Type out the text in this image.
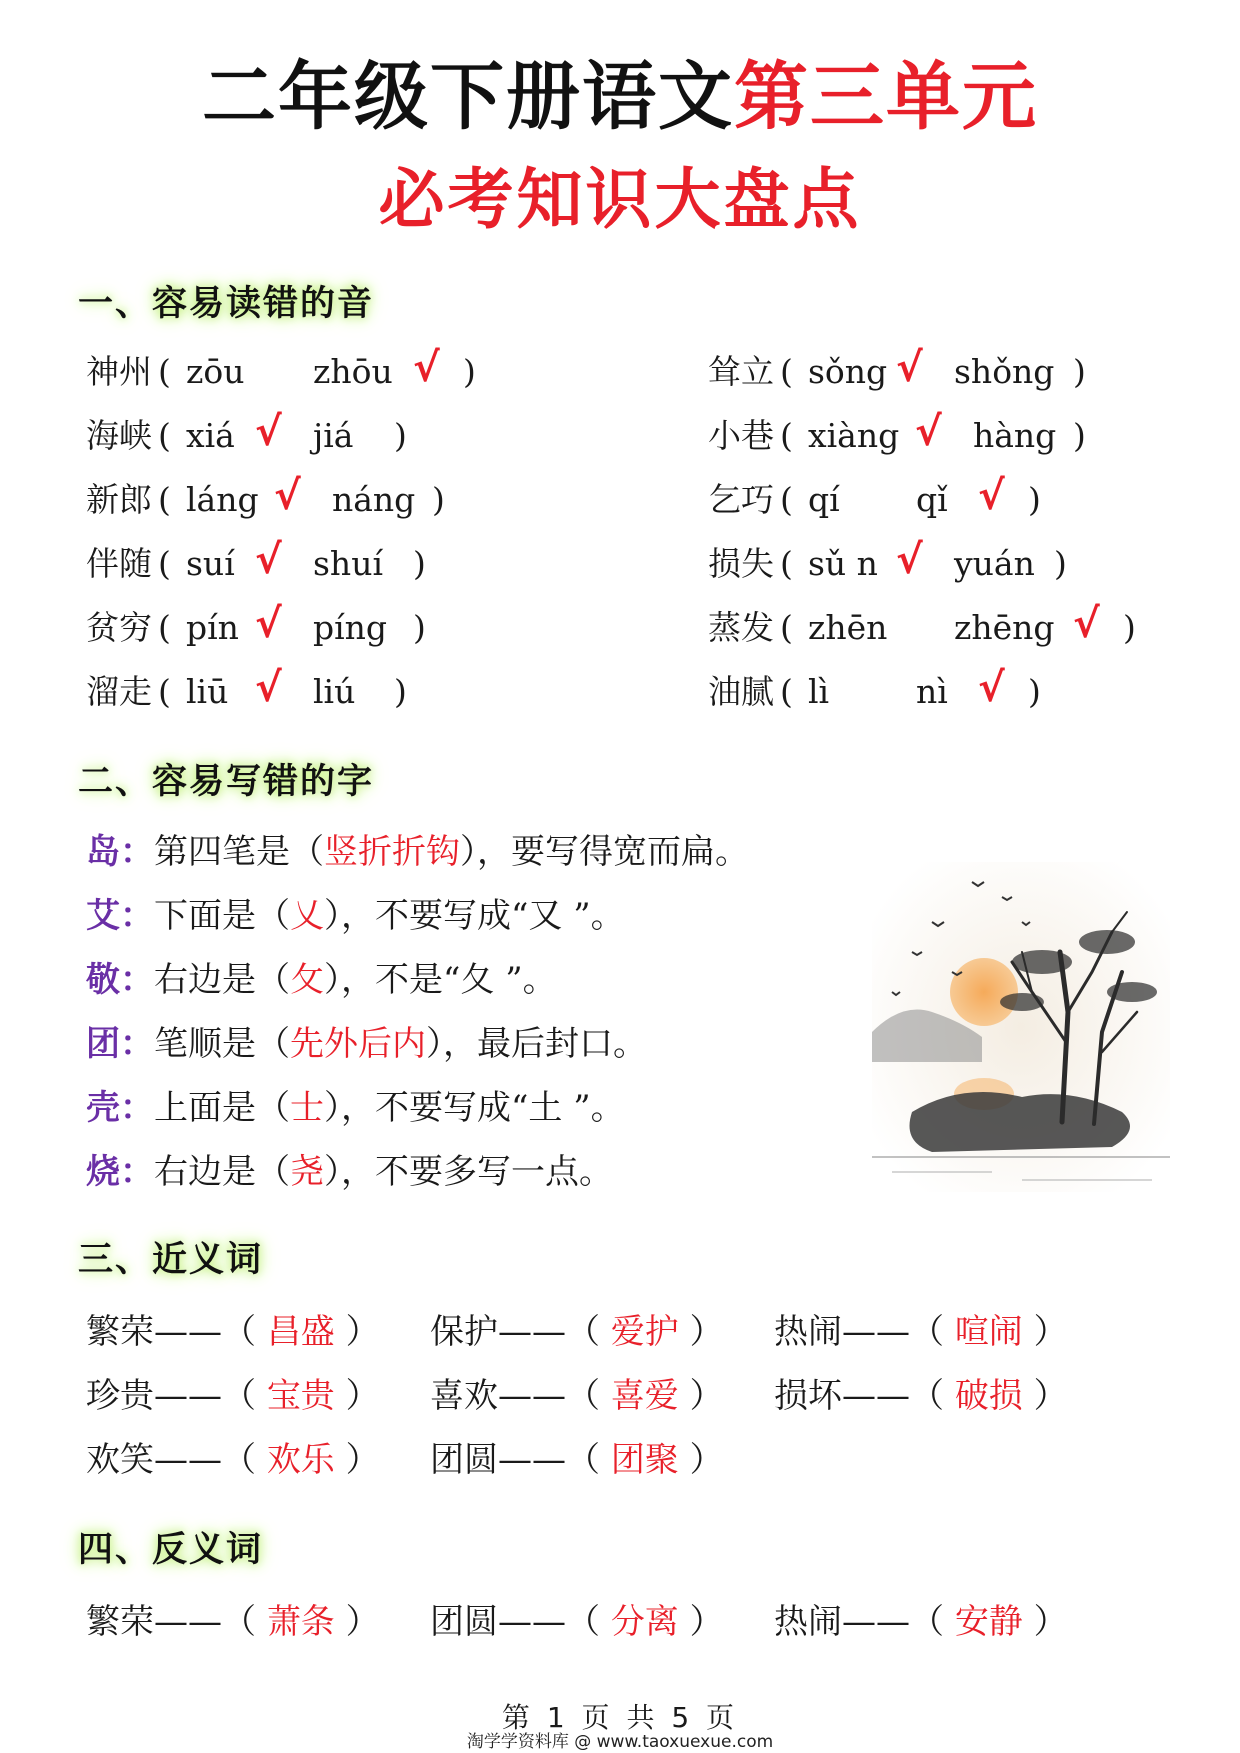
二年级下册语文第三单元
必考知识大盘点
一、容易读错的音
神州 ( zōu zhōu √ )
海峡 ( xiá √ jiá )
新郎 ( láng √ náng )
伴随 ( suí √ shuí )
贫穷 ( pín √ píng )
溜走 ( liū √ liú )
耸立 ( sǒng √ shǒng )
小巷 ( xiàng √ hàng )
乞巧 ( qí qǐ √ )
损失 ( sǔ n √ yuán )
蒸发 ( zhēn zhēng √ )
油腻 ( lì	nì √ )
二、容易写错的字
岛：第四笔是（竖折折钩），要写得宽而扁。
艾：下面是（乂），不要写成“又 ”。
敬：右边是（攵），不是“夂 ”。
团：笔顺是（先外后内），最后封口。
壳：上面是（士），不要写成“土 ”。
烧：右边是（尧），不要多写一点。
三、近义词
繁荣——（ 昌盛 ） 保护——（ 爱护 ） 热闹——（ 喧闹 ）
珍贵——（ 宝贵 ） 喜欢——（ 喜爱 ） 损坏——（ 破损 ）
欢笑——（ 欢乐 ） 团圆——（ 团聚 ）
四、反义词
繁荣——（ 萧条 ） 团圆——（ 分离 ） 热闹——（ 安静 ）
第 1 页 共 5 页
淘学学资料库 @ www.taoxuexue.com
